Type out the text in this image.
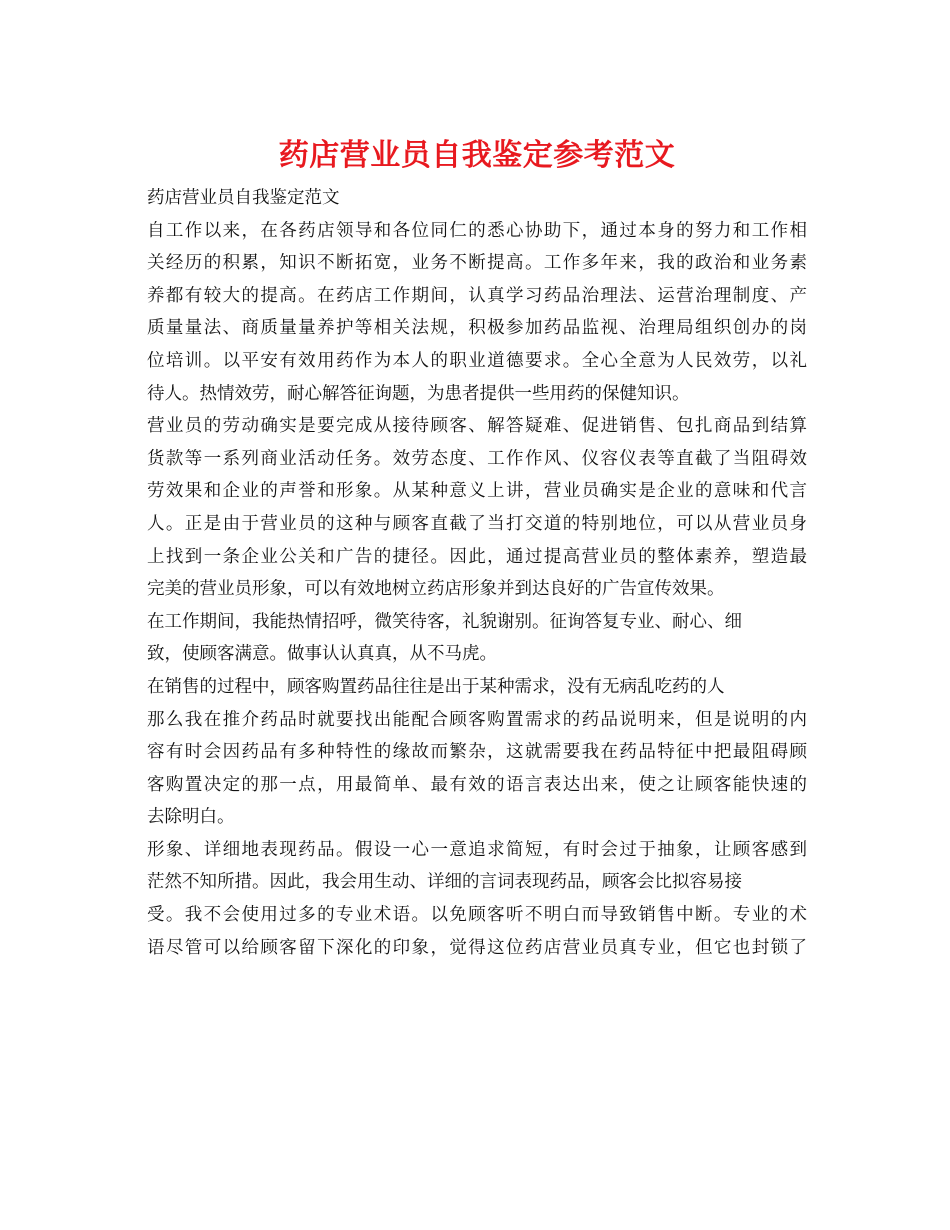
药店营业员自我鉴定参考范文

药店营业员自我鉴定范文

自工作以来，在各药店领导和各位同仁的悉心协助下，通过本身的努力和工作相

关经历的积累，知识不断拓宽，业务不断提高。工作多年来，我的政治和业务素

养都有较大的提高。在药店工作期间，认真学习药品治理法、运营治理制度、产

质量量法、商质量量养护等相关法规，积极参加药品监视、治理局组织创办的岗

位培训。以平安有效用药作为本人的职业道德要求。全心全意为人民效劳，以礼

待人。热情效劳，耐心解答征询题，为患者提供一些用药的保健知识。

营业员的劳动确实是要完成从接待顾客、解答疑难、促进销售、包扎商品到结算

货款等一系列商业活动任务。效劳态度、工作作风、仪容仪表等直截了当阻碍效

劳效果和企业的声誉和形象。从某种意义上讲，营业员确实是企业的意味和代言

人。正是由于营业员的这种与顾客直截了当打交道的特别地位，可以从营业员身

上找到一条企业公关和广告的捷径。因此，通过提高营业员的整体素养，塑造最

完美的营业员形象，可以有效地树立药店形象并到达良好的广告宣传效果。

在工作期间，我能热情招呼，微笑待客，礼貌谢别。征询答复专业、耐心、细

致，使顾客满意。做事认认真真，从不马虎。

在销售的过程中，顾客购置药品往往是出于某种需求，没有无病乱吃药的人

那么我在推介药品时就要找出能配合顾客购置需求的药品说明来，但是说明的内

容有时会因药品有多种特性的缘故而繁杂，这就需要我在药品特征中把最阻碍顾

客购置决定的那一点，用最简单、最有效的语言表达出来，使之让顾客能快速的

去除明白。

形象、详细地表现药品。假设一心一意追求简短，有时会过于抽象，让顾客感到

茫然不知所措。因此，我会用生动、详细的言词表现药品，顾客会比拟容易接

受。我不会使用过多的专业术语。以免顾客听不明白而导致销售中断。专业的术

语尽管可以给顾客留下深化的印象，觉得这位药店营业员真专业，但它也封锁了
